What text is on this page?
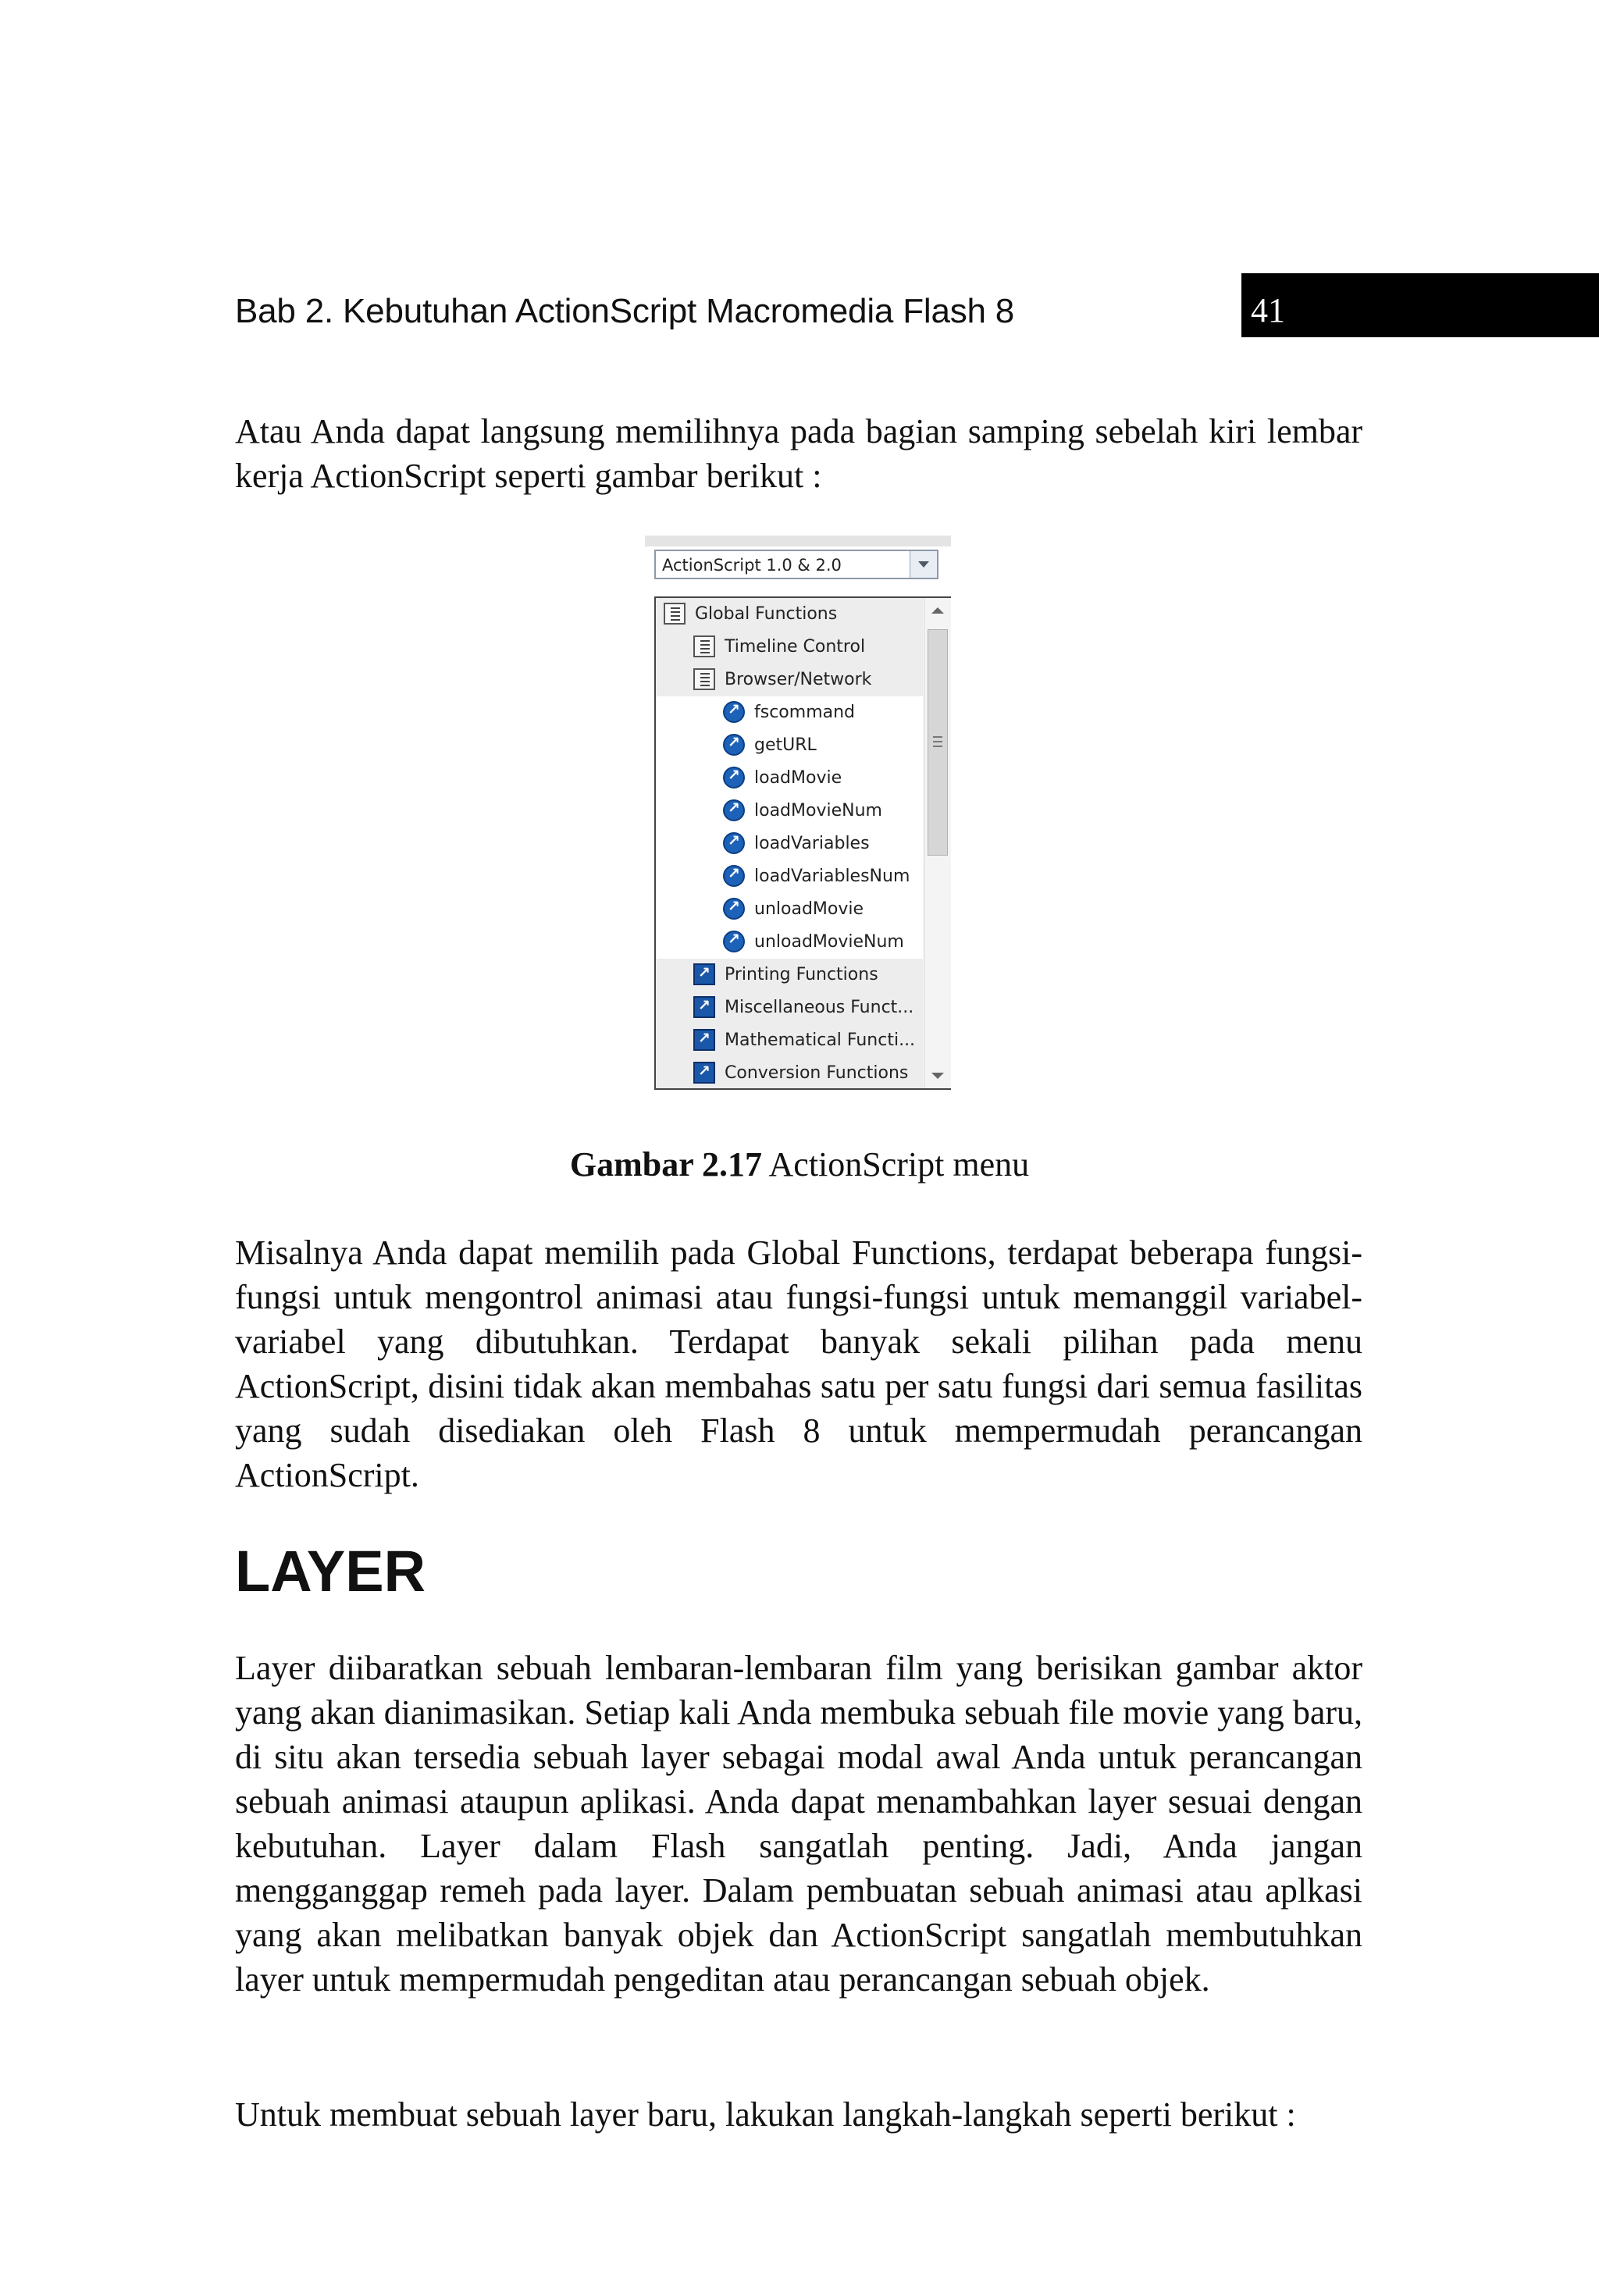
Bab 2. Kebutuhan ActionScript Macromedia Flash 8	41

Atau Anda dapat langsung memilihnya pada bagian samping sebelah kiri lembar kerja ActionScript seperti gambar berikut :

ActionScript 1.0 & 2.0
Global Functions
Timeline Control
Browser/Network
↗
fscommand
↗
getURL
↗
loadMovie
↗
loadMovieNum
↗
loadVariables
↗
loadVariablesNum
↗
unloadMovie
↗
unloadMovieNum
↗
Printing Functions
↗
Miscellaneous Funct...
↗
Mathematical Functi...
↗
Conversion Functions
Gambar 2.17 ActionScript menu

Misalnya Anda dapat memilih pada Global Functions, terdapat beberapa fungsi-fungsi untuk mengontrol animasi atau fungsi-fungsi untuk memanggil variabel-variabel yang dibutuhkan. Terdapat banyak sekali pilihan pada menu ActionScript, disini tidak akan membahas satu per satu fungsi dari semua fasilitas yang sudah disediakan oleh Flash 8 untuk mempermudah perancangan ActionScript.

LAYER

Layer diibaratkan sebuah lembaran-lembaran film yang berisikan gambar aktor yang akan dianimasikan. Setiap kali Anda membuka sebuah file movie yang baru, di situ akan tersedia sebuah layer sebagai modal awal Anda untuk perancangan sebuah animasi ataupun aplikasi. Anda dapat menambahkan layer sesuai dengan kebutuhan. Layer dalam Flash sangatlah penting. Jadi, Anda jangan mengganggap remeh pada layer. Dalam pembuatan sebuah animasi atau aplkasi yang akan melibatkan banyak objek dan ActionScript sangatlah membutuhkan layer untuk mempermudah pengeditan atau perancangan sebuah objek.

Untuk membuat sebuah layer baru, lakukan langkah-langkah seperti berikut :
